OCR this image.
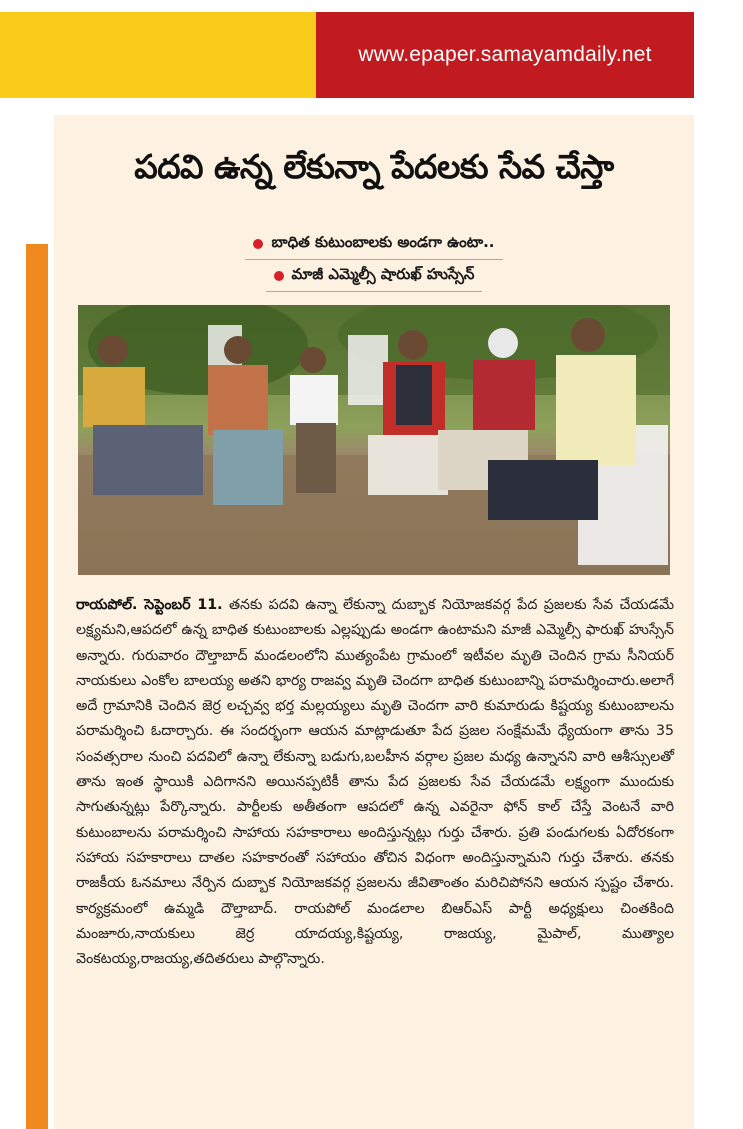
www.epaper.samayamdaily.net
పదవి ఉన్న లేకున్నా పేదలకు సేవ చేస్తా
బాధిత కుటుంబాలకు అండగా ఉంటా..
మాజీ ఎమ్మెల్సీ షారుఖ్ హుస్సేన్
రాయపోల్. సెప్టెంబర్ 11. తనకు పదవి ఉన్నా లేకున్నా దుబ్బాక నియోజకవర్గ పేద ప్రజలకు సేవ చేయడమే లక్ష్యమని,ఆపదలో ఉన్న బాధిత కుటుంబాలకు ఎల్లప్పుడు అండగా ఉంటామని మాజీ ఎమ్మెల్సీ ఫారుఖ్ హుస్సేన్ అన్నారు. గురువారం దౌల్తాబాద్ మండలంలోని ముత్యంపేట గ్రామంలో ఇటీవల మృతి చెందిన గ్రామ సీనియర్ నాయకులు ఎంకోల బాలయ్య అతని భార్య రాజవ్వ మృతి చెందగా బాధిత కుటుంబాన్ని పరామర్శించారు.అలాగే అదే గ్రామానికి చెందిన జెర్ర లచ్చవ్వ భర్త మల్లయ్యలు మృతి చెందగా వారి కుమారుడు కిష్టయ్య కుటుంబాలను పరామర్శించి ఓదార్చారు. ఈ సందర్భంగా ఆయన మాట్లాడుతూ పేద ప్రజల సంక్షేమమే ధ్యేయంగా తాను 35 సంవత్సరాల నుంచి పదవిలో ఉన్నా లేకున్నా బడుగు,బలహీన వర్గాల ప్రజల మధ్య ఉన్నానని వారి ఆశీస్సులతో తాను ఇంత స్థాయికి ఎదిగానని అయినప్పటికీ తాను పేద ప్రజలకు సేవ చేయడమే లక్ష్యంగా ముందుకు సాగుతున్నట్లు పేర్కొన్నారు. పార్టీలకు అతీతంగా ఆపదలో ఉన్న ఎవరైనా ఫోన్ కాల్ చేస్తే వెంటనే వారి కుటుంబాలను పరామర్శించి సాహాయ సహకారాలు అందిస్తున్నట్లు గుర్తు చేశారు. ప్రతి పండుగలకు ఏదోరకంగా సహాయ సహకారాలు దాతల సహకారంతో సహాయం తోచిన విధంగా అందిస్తున్నామని గుర్తు చేశారు. తనకు రాజకీయ ఓనమాలు నేర్పిన దుబ్బాక నియోజకవర్గ ప్రజలను జీవితాంతం మరిచిపోనని ఆయన స్పష్టం చేశారు. కార్యక్రమంలో ఉమ్మడి దౌల్తాబాద్. రాయపోల్ మండలాల బిఆర్ఎస్ పార్టీ అధ్యక్షులు చింతకింది మంజూరు,నాయకులు జెర్ర యాదయ్య,కిష్టయ్య, రాజయ్య, మైపాల్, ముత్యాల వెంకటయ్య,రాజయ్య,తదితరులు పాల్గొన్నారు.
